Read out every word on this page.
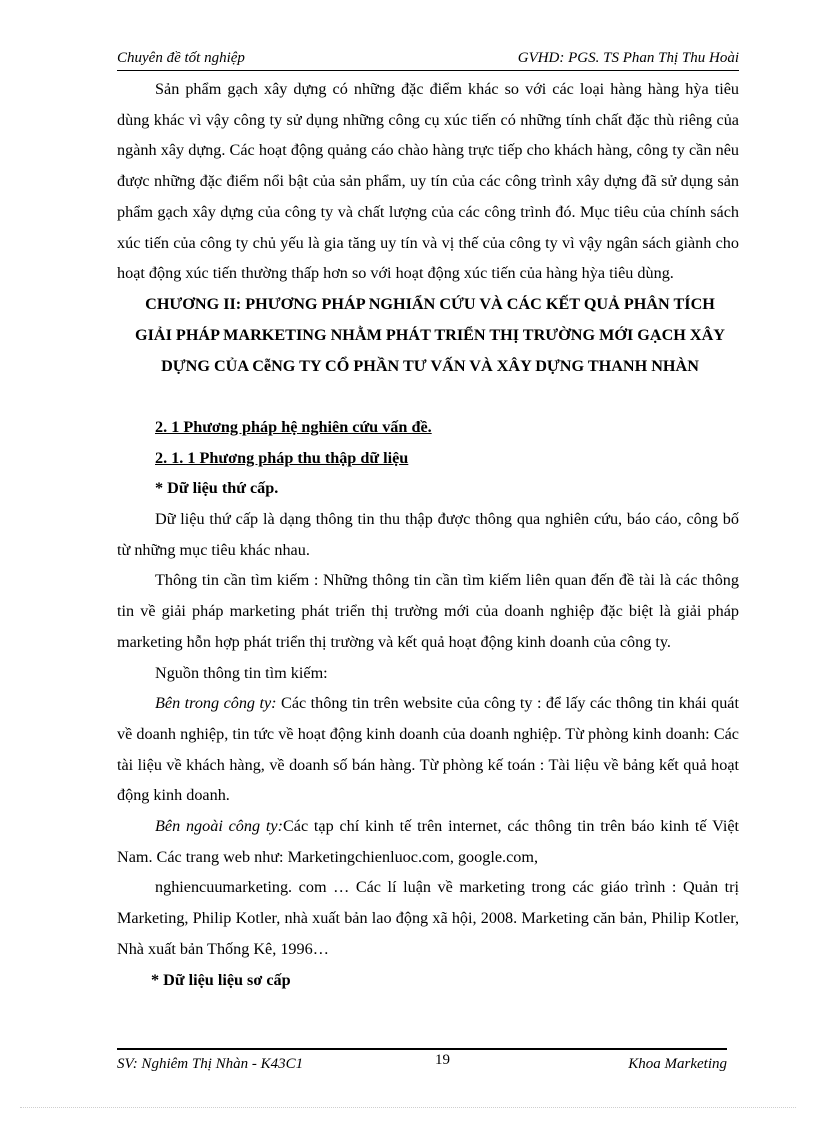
Chuyên đề tốt nghiệp	GVHD: PGS. TS Phan Thị Thu Hoài

Sản phẩm gạch xây dựng có những đặc điểm khác so với các loại hàng hàng hỳa tiêu dùng khác vì vậy công ty sử dụng những công cụ xúc tiến có những tính chất đặc thù riêng của ngành xây dựng. Các hoạt động quảng cáo chào hàng trực tiếp cho khách hàng, công ty cần nêu được những đặc điểm nổi bật của sản phẩm, uy tín của các công trình xây dựng đã sử dụng sản phẩm gạch xây dựng của công ty và chất lượng của các công trình đó. Mục tiêu của chính sách xúc tiến của công ty chủ yếu là gia tăng uy tín và vị thế của công ty vì vậy ngân sách giành cho hoạt động xúc tiến thường thấp hơn so với hoạt động xúc tiến của hàng hỳa tiêu dùng.

CHƯƠNG II: PHƯƠNG PHÁP NGHIẨN CỨU VÀ CÁC KẾT QUẢ PHÂN TÍCH GIẢI PHÁP MARKETING NHẰM PHÁT TRIỂN THỊ TRƯỜNG MỚI GẠCH XÂY DỰNG CỦA CễNG TY CỔ PHẦN TƯ VẤN VÀ XÂY DỰNG THANH NHÀN

2. 1 Phương pháp hệ nghiên cứu vấn đề.

2. 1. 1 Phương pháp thu thập dữ liệu

* Dữ liệu thứ cấp.

Dữ liệu thứ cấp là dạng thông tin thu thập được thông qua nghiên cứu, báo cáo, công bố từ những mục tiêu khác nhau.

Thông tin cần tìm kiếm : Những thông tin cần tìm kiếm liên quan đến đề tài là các thông tin về giải pháp marketing phát triển thị trường mới của doanh nghiệp đặc biệt là giải pháp marketing hỗn hợp phát triển thị trường và kết quả hoạt động kinh doanh của công ty.

Nguồn thông tin tìm kiếm:

Bên trong công ty: Các thông tin trên website của công ty : để lấy các thông tin khái quát về doanh nghiệp, tin tức về hoạt động kinh doanh của doanh nghiệp. Từ phòng kinh doanh: Các tài liệu về khách hàng, về doanh số bán hàng. Từ phòng kế toán : Tài liệu về bảng kết quả hoạt động kinh doanh.

Bên ngoài công ty:Các tạp chí kinh tế trên internet, các thông tin trên báo kinh tế Việt Nam. Các trang web như: Marketingchienluoc.com, google.com,

nghiencuumarketing. com … Các lí luận về marketing trong các giáo trình : Quản trị Marketing, Philip Kotler, nhà xuất bản lao động xã hội, 2008. Marketing căn bản, Philip Kotler, Nhà xuất bản Thống Kê, 1996…

* Dữ liệu liệu sơ cấp

SV: Nghiêm Thị Nhàn - K43C1	19	Khoa Marketing
